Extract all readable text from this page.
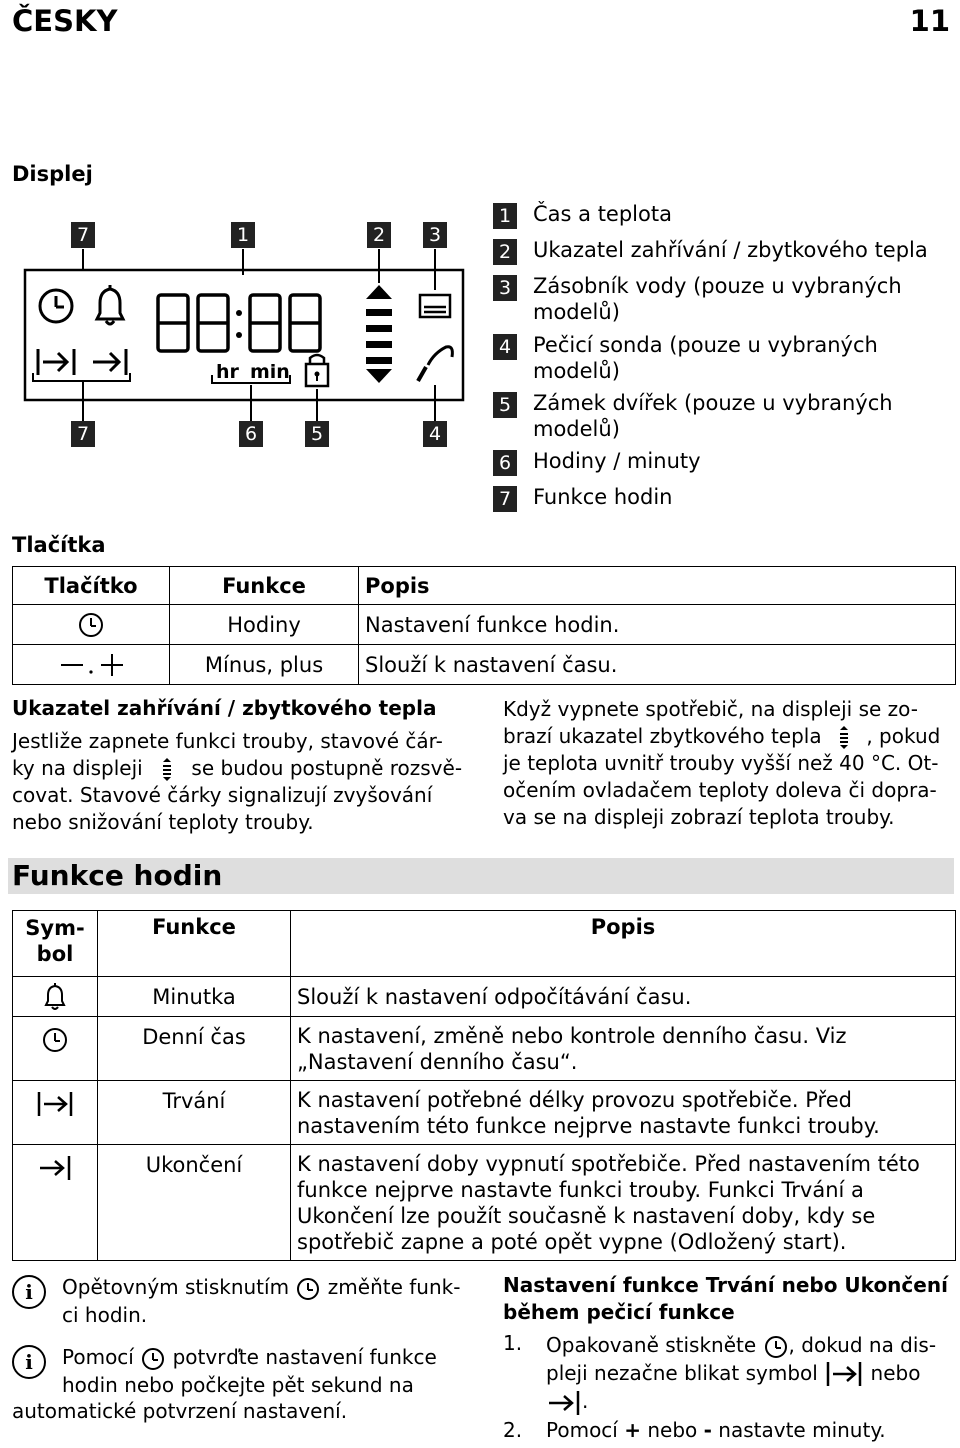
ČESKY	11
Displej
7	1	2	3
hr min
7	6	5	4
1 Čas a teplota
2 Ukazatel zahřívání / zbytkového tepla
3 Zásobník vody (pouze u vybraných modelů)
4 Pečicí sonda (pouze u vybraných modelů)
5 Zámek dvířek (pouze u vybraných modelů)
6 Hodiny / minuty
7 Funkce hodin
Tlačítka
Tlačítko	Funkce	Popis
	Hodiny	Nastavení funkce hodin.
	Mínus, plus	Slouží k nastavení času.
Ukazatel zahřívání / zbytkového tepla
Jestliže zapnete funkci trouby, stavové čár-
ky na displeji se budou postupně rozsvě-
covat. Stavové čárky signalizují zvyšování
nebo snižování teploty trouby.
Když vypnete spotřebič, na displeji se zo-
brazí ukazatel zbytkového tepla , pokud
je teplota uvnitř trouby vyšší než 40 °C. Ot-
očením ovladačem teploty doleva či dopra-
va se na displeji zobrazí teplota trouby.
Funkce hodin
Sym-
bol	Funkce	Popis
	Minutka	Slouží k nastavení odpočítávání času.
	Denní čas	K nastavení, změně nebo kontrole denního času. Viz „Nastavení denního času“.
	Trvání	K nastavení potřebné délky provozu spotřebiče. Před nastavením této funkce nejprve nastavte funkci trouby.
	Ukončení	K nastavení doby vypnutí spotřebiče. Před nastavením této funkce nejprve nastavte funkci trouby. Funkci Trvání a Ukončení lze použít současně k nastavení doby, kdy se spotřebič zapne a poté opět vypne (Odložený start).
i	Opětovným stisknutím změňte funk-
ci hodin.
i	Pomocí potvrďte nastavení funkce
hodin nebo počkejte pět sekund na
automatické potvrzení nastavení.
Nastavení funkce Trvání nebo Ukončení
během pečicí funkce
1.	Opakovaně stiskněte , dokud na dis-
pleji nezačne blikat symbol	nebo
.
2.	Pomocí + nebo - nastavte minuty.
